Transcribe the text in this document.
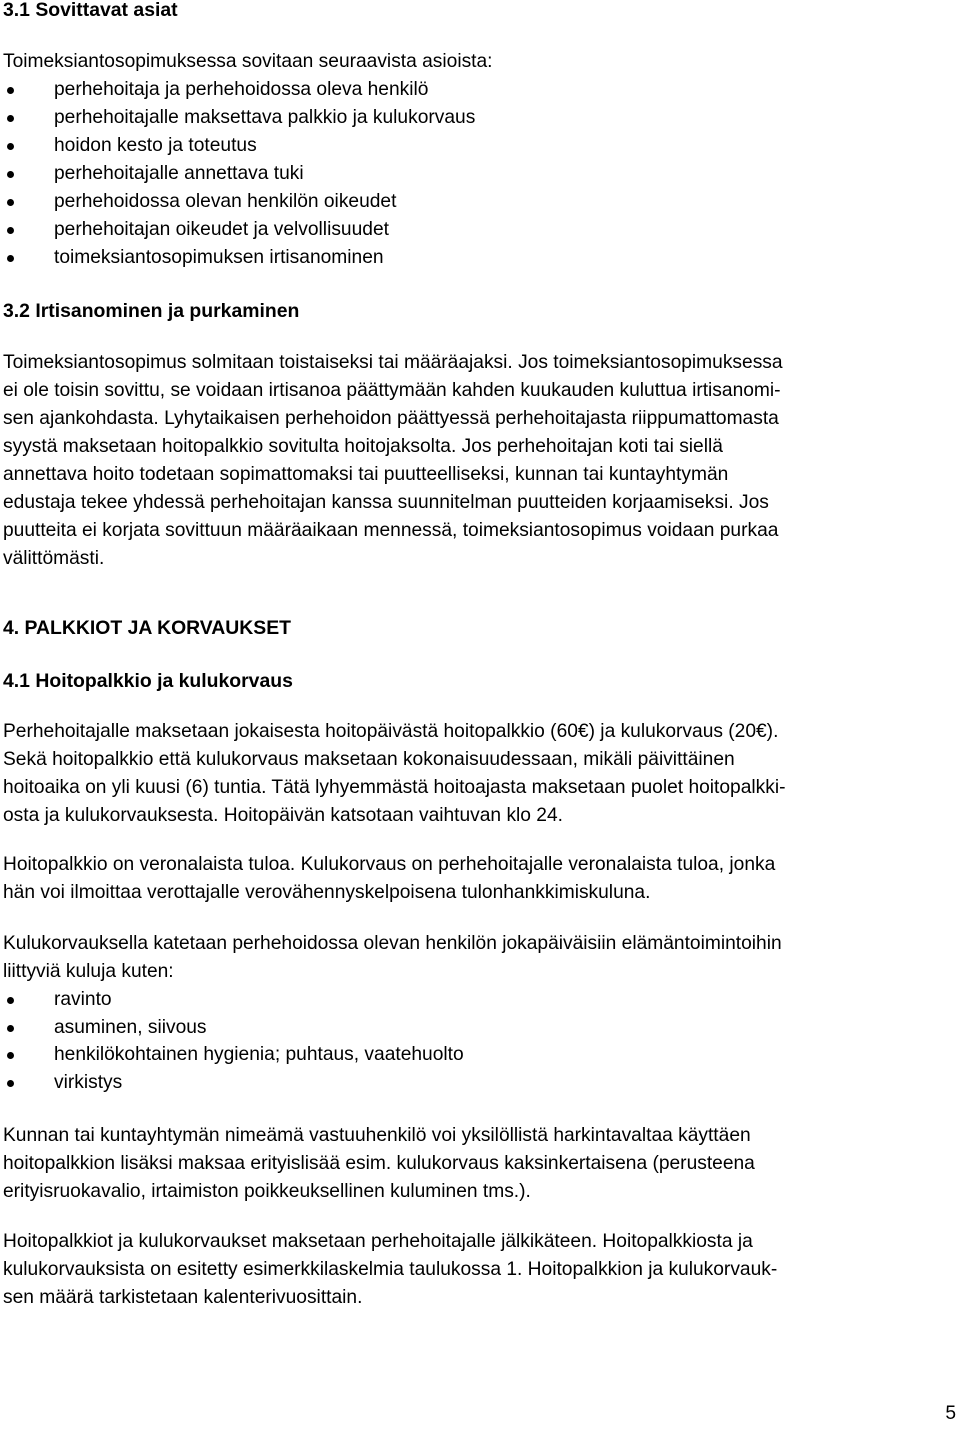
3.1 Sovittavat asiat

Toimeksiantosopimuksessa sovitaan seuraavista asioista:

perhehoitaja ja perhehoidossa oleva henkilö
perhehoitajalle maksettava palkkio ja kulukorvaus
hoidon kesto ja toteutus
perhehoitajalle annettava tuki
perhehoidossa olevan henkilön oikeudet
perhehoitajan oikeudet ja velvollisuudet
toimeksiantosopimuksen irtisanominen
3.2 Irtisanominen ja purkaminen

Toimeksiantosopimus solmitaan toistaiseksi tai määräajaksi. Jos toimeksiantosopimuksessa
ei ole toisin sovittu, se voidaan irtisanoa päättymään kahden kuukauden kuluttua irtisanomi-
sen ajankohdasta. Lyhytaikaisen perhehoidon päättyessä perhehoitajasta riippumattomasta
syystä maksetaan hoitopalkkio sovitulta hoitojaksolta. Jos perhehoitajan koti tai siellä
annettava hoito todetaan sopimattomaksi tai puutteelliseksi, kunnan tai kuntayhtymän
edustaja tekee yhdessä perhehoitajan kanssa suunnitelman puutteiden korjaamiseksi. Jos
puutteita ei korjata sovittuun määräaikaan mennessä, toimeksiantosopimus voidaan purkaa
välittömästi.

4. PALKKIOT JA KORVAUKSET
4.1 Hoitopalkkio ja kulukorvaus

Perhehoitajalle maksetaan jokaisesta hoitopäivästä hoitopalkkio (60€) ja kulukorvaus (20€).
Sekä hoitopalkkio että kulukorvaus maksetaan kokonaisuudessaan, mikäli päivittäinen
hoitoaika on yli kuusi (6) tuntia. Tätä lyhyemmästä hoitoajasta maksetaan puolet hoitopalkki-
osta ja kulukorvauksesta. Hoitopäivän katsotaan vaihtuvan klo 24.

Hoitopalkkio on veronalaista tuloa. Kulukorvaus on perhehoitajalle veronalaista tuloa, jonka
hän voi ilmoittaa verottajalle verovähennyskelpoisena tulonhankkimiskuluna.

Kulukorvauksella katetaan perhehoidossa olevan henkilön jokapäiväisiin elämäntoimintoihin
liittyviä kuluja kuten:

ravinto
asuminen, siivous
henkilökohtainen hygienia; puhtaus, vaatehuolto
virkistys

Kunnan tai kuntayhtymän nimeämä vastuuhenkilö voi yksilöllistä harkintavaltaa käyttäen
hoitopalkkion lisäksi maksaa erityislisää esim. kulukorvaus kaksinkertaisena (perusteena
erityisruokavalio, irtaimiston poikkeuksellinen kuluminen tms.).

Hoitopalkkiot ja kulukorvaukset maksetaan perhehoitajalle jälkikäteen. Hoitopalkkiosta ja
kulukorvauksista on esitetty esimerkkilaskelmia taulukossa 1. Hoitopalkkion ja kulukorvauk-
sen määrä tarkistetaan kalenterivuosittain.

5
